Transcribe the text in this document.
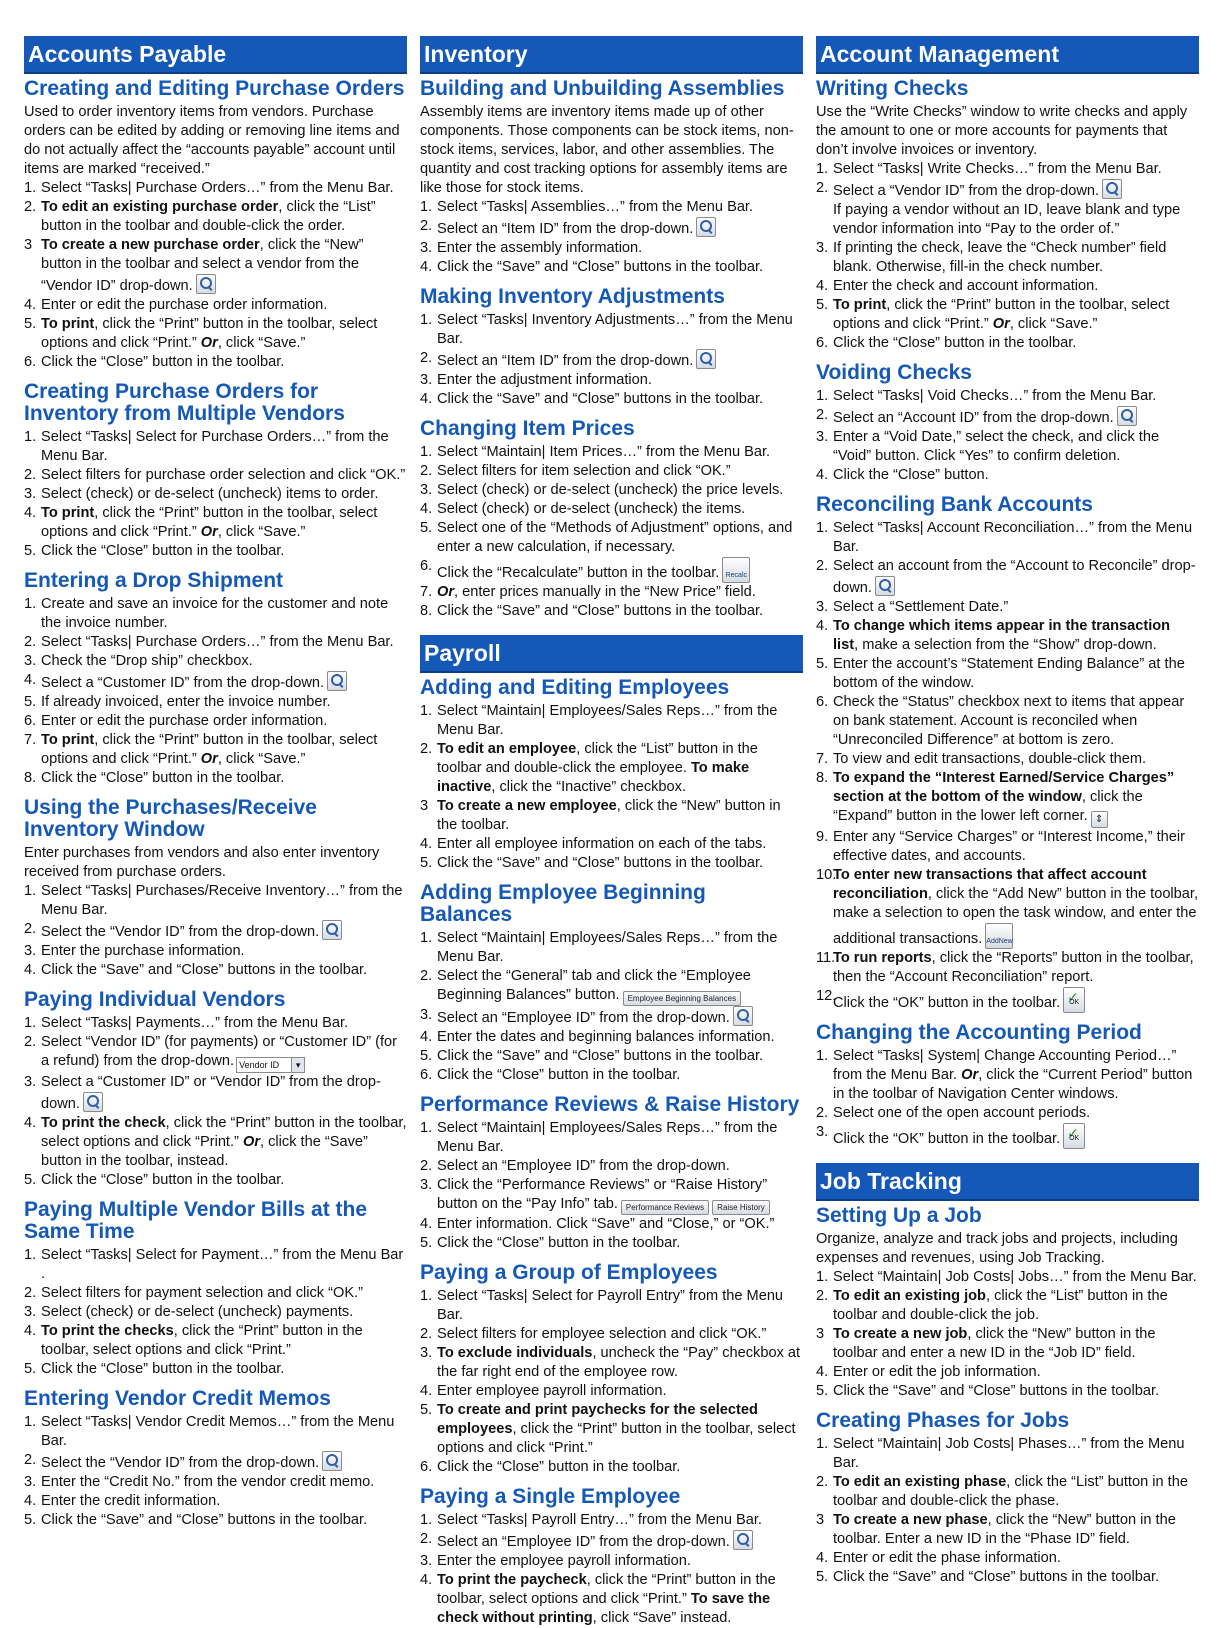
Accounts Payable
Creating and Editing Purchase Orders

Used to order inventory items from vendors. Purchase orders can be edited by adding or removing line items and do not actually affect the “accounts payable” account until items are marked “received.”

1. Select “Tasks| Purchase Orders…” from the Menu Bar.
2. To edit an existing purchase order, click the “List” button in the toolbar and double-click the order.
3 To create a new purchase order, click the “New” button in the toolbar and select a vendor from the “Vendor ID” drop-down.
4. Enter or edit the purchase order information.
5. To print, click the “Print” button in the toolbar, select options and click “Print.” Or, click “Save.”
6. Click the “Close” button in the toolbar.
Creating Purchase Orders for Inventory from Multiple Vendors
1. Select “Tasks| Select for Purchase Orders…” from the Menu Bar.
2. Select filters for purchase order selection and click “OK.”
3. Select (check) or de-select (uncheck) items to order.
4. To print, click the “Print” button in the toolbar, select options and click “Print.” Or, click “Save.”
5. Click the “Close” button in the toolbar.
Entering a Drop Shipment
1. Create and save an invoice for the customer and note the invoice number.
2. Select “Tasks| Purchase Orders…” from the Menu Bar.
3. Check the “Drop ship” checkbox.
4. Select a “Customer ID” from the drop-down.
5. If already invoiced, enter the invoice number.
6. Enter or edit the purchase order information.
7. To print, click the “Print” button in the toolbar, select options and click “Print.” Or, click “Save.”
8. Click the “Close” button in the toolbar.
Using the Purchases/Receive Inventory Window

Enter purchases from vendors and also enter inventory received from purchase orders.

1. Select “Tasks| Purchases/Receive Inventory…” from the Menu Bar.
2. Select the “Vendor ID” from the drop-down.
3. Enter the purchase information.
4. Click the “Save” and “Close” buttons in the toolbar.
Paying Individual Vendors
1. Select “Tasks| Payments…” from the Menu Bar.
2. Select “Vendor ID” (for payments) or “Customer ID” (for a refund) from the drop-down. Vendor ID ▾
3. Select a “Customer ID” or “Vendor ID” from the drop-down.
4. To print the check, click the “Print” button in the toolbar, select options and click “Print.” Or, click the “Save” button in the toolbar, instead.
5. Click the “Close” button in the toolbar.
Paying Multiple Vendor Bills at the Same Time
1. Select “Tasks| Select for Payment…” from the Menu Bar .
2. Select filters for payment selection and click “OK.”
3. Select (check) or de-select (uncheck) payments.
4. To print the checks, click the “Print” button in the toolbar, select options and click “Print.”
5. Click the “Close” button in the toolbar.
Entering Vendor Credit Memos
1. Select “Tasks| Vendor Credit Memos…” from the Menu Bar.
2. Select the “Vendor ID” from the drop-down.
3. Enter the “Credit No.” from the vendor credit memo.
4. Enter the credit information.
5. Click the “Save” and “Close” buttons in the toolbar.
Inventory
Building and Unbuilding Assemblies

Assembly items are inventory items made up of other components. Those components can be stock items, non-stock items, services, labor, and other assemblies. The quantity and cost tracking options for assembly items are like those for stock items.

1. Select “Tasks| Assemblies…” from the Menu Bar.
2. Select an “Item ID” from the drop-down.
3. Enter the assembly information.
4. Click the “Save” and “Close” buttons in the toolbar.
Making Inventory Adjustments
1. Select “Tasks| Inventory Adjustments…” from the Menu Bar.
2. Select an “Item ID” from the drop-down.
3. Enter the adjustment information.
4. Click the “Save” and “Close” buttons in the toolbar.
Changing Item Prices
1. Select “Maintain| Item Prices…” from the Menu Bar.
2. Select filters for item selection and click “OK.”
3. Select (check) or de-select (uncheck) the price levels.
4. Select (check) or de-select (uncheck) the items.
5. Select one of the “Methods of Adjustment” options, and enter a new calculation, if necessary.
6. Click the “Recalculate” button in the toolbar. Recalc
7. Or, enter prices manually in the “New Price” field.
8. Click the “Save” and “Close” buttons in the toolbar.
Payroll
Adding and Editing Employees
1. Select “Maintain| Employees/Sales Reps…” from the Menu Bar.
2. To edit an employee, click the “List” button in the toolbar and double-click the employee. To make inactive, click the “Inactive” checkbox.
3 To create a new employee, click the “New” button in the toolbar.
4. Enter all employee information on each of the tabs.
5. Click the “Save” and “Close” buttons in the toolbar.
Adding Employee Beginning Balances
1. Select “Maintain| Employees/Sales Reps…” from the Menu Bar.
2. Select the “General” tab and click the “Employee Beginning Balances” button. Employee Beginning Balances
3. Select an “Employee ID” from the drop-down.
4. Enter the dates and beginning balances information.
5. Click the “Save” and “Close” buttons in the toolbar.
6. Click the “Close” button in the toolbar.
Performance Reviews & Raise History
1. Select “Maintain| Employees/Sales Reps…” from the Menu Bar.
2. Select an “Employee ID” from the drop-down.
3. Click the “Performance Reviews” or “Raise History” button on the “Pay Info” tab. Performance Reviews Raise History
4. Enter information. Click “Save” and “Close,” or “OK.”
5. Click the “Close” button in the toolbar.
Paying a Group of Employees
1. Select “Tasks| Select for Payroll Entry” from the Menu Bar.
2. Select filters for employee selection and click “OK.”
3. To exclude individuals, uncheck the “Pay” checkbox at the far right end of the employee row.
4. Enter employee payroll information.
5. To create and print paychecks for the selected employees, click the “Print” button in the toolbar, select options and click “Print.”
6. Click the “Close” button in the toolbar.
Paying a Single Employee
1. Select “Tasks| Payroll Entry…” from the Menu Bar.
2. Select an “Employee ID” from the drop-down.
3. Enter the employee payroll information.
4. To print the paycheck, click the “Print” button in the toolbar, select options and click “Print.” To save the check without printing, click “Save” instead.
Account Management
Writing Checks

Use the “Write Checks” window to write checks and apply the amount to one or more accounts for payments that don’t involve invoices or inventory.

1. Select “Tasks| Write Checks…” from the Menu Bar.
2. Select a “Vendor ID” from the drop-down.
If paying a vendor without an ID, leave blank and type vendor information into “Pay to the order of.”
3. If printing the check, leave the “Check number” field blank. Otherwise, fill-in the check number.
4. Enter the check and account information.
5. To print, click the “Print” button in the toolbar, select options and click “Print.” Or, click “Save.”
6. Click the “Close” button in the toolbar.
Voiding Checks
1. Select “Tasks| Void Checks…” from the Menu Bar.
2. Select an “Account ID” from the drop-down.
3. Enter a “Void Date,” select the check, and click the “Void” button. Click “Yes” to confirm deletion.
4. Click the “Close” button.
Reconciling Bank Accounts
1. Select “Tasks| Account Reconciliation…” from the Menu Bar.
2. Select an account from the “Account to Reconcile” drop-down.
3. Select a “Settlement Date.”
4. To change which items appear in the transaction list, make a selection from the “Show” drop-down.
5. Enter the account’s “Statement Ending Balance” at the bottom of the window.
6. Check the “Status” checkbox next to items that appear on bank statement. Account is reconciled when “Unreconciled Difference” at bottom is zero.
7. To view and edit transactions, double-click them.
8. To expand the “Interest Earned/Service Charges” section at the bottom of the window, click the “Expand” button in the lower left corner. ⇕
9. Enter any “Service Charges” or “Interest Income,” their effective dates, and accounts.
10.
To enter new transactions that affect account reconciliation, click the “Add New” button in the toolbar, make a selection to open the task window, and enter the additional transactions. AddNew
11.
To run reports, click the “Reports” button in the toolbar, then the “Account Reconciliation” report.
12.
Click the “OK” button in the toolbar.	✓ OK
Changing the Accounting Period
1. Select “Tasks| System| Change Accounting Period…” from the Menu Bar. Or, click the “Current Period” button in the toolbar of Navigation Center windows.
2. Select one of the open account periods.
3. Click the “OK” button in the toolbar.	✓ OK
Job Tracking
Setting Up a Job

Organize, analyze and track jobs and projects, including expenses and revenues, using Job Tracking.

1. Select “Maintain| Job Costs| Jobs…” from the Menu Bar.
2. To edit an existing job, click the “List” button in the toolbar and double-click the job.
3 To create a new job, click the “New” button in the toolbar and enter a new ID in the “Job ID” field.
4. Enter or edit the job information.
5. Click the “Save” and “Close” buttons in the toolbar.
Creating Phases for Jobs
1. Select “Maintain| Job Costs| Phases…” from the Menu Bar.
2. To edit an existing phase, click the “List” button in the toolbar and double-click the phase.
3 To create a new phase, click the “New” button in the toolbar. Enter a new ID in the “Phase ID” field.
4. Enter or edit the phase information.
5. Click the “Save” and “Close” buttons in the toolbar.
